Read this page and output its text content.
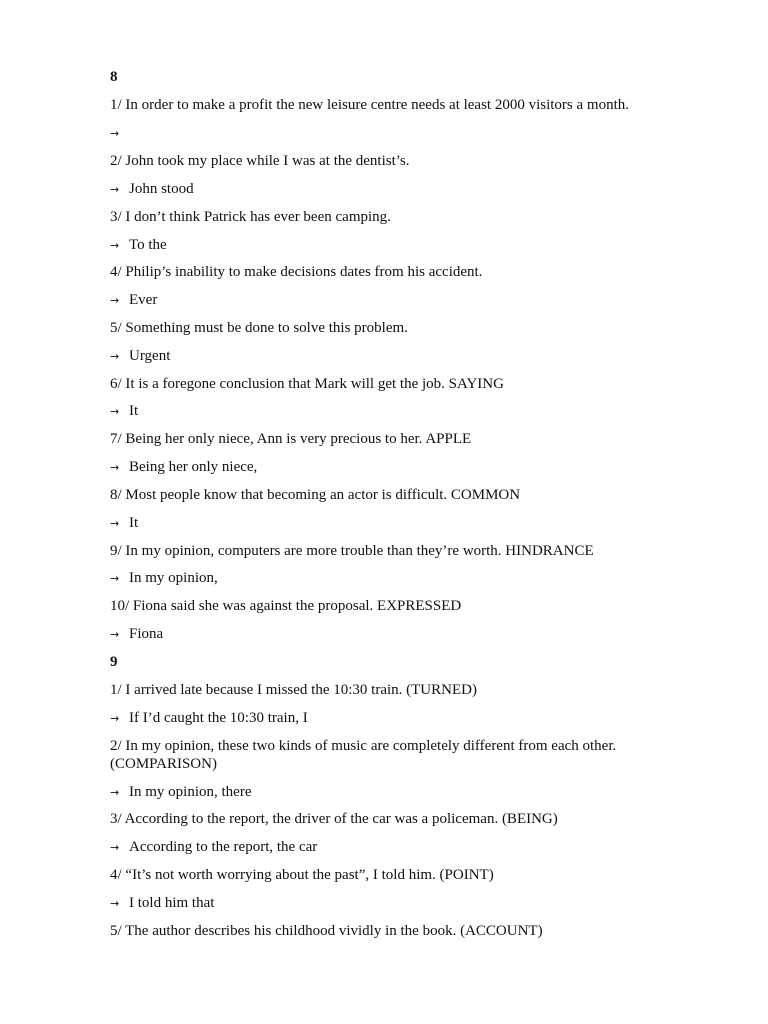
8
1/ In order to make a profit the new leisure centre needs at least 2000 visitors a month.
→
2/ John took my place while I was at the dentist’s.
→ John stood
3/ I don’t think Patrick has ever been camping.
→ To the
4/ Philip’s inability to make decisions dates from his accident.
→ Ever
5/ Something must be done to solve this problem.
→ Urgent
6/ It is a foregone conclusion that Mark will get the job. SAYING
→ It
7/ Being her only niece, Ann is very precious to her. APPLE
→ Being her only niece,
8/ Most people know that becoming an actor is difficult. COMMON
→ It
9/ In my opinion, computers are more trouble than they’re worth. HINDRANCE
→ In my opinion,
10/ Fiona said she was against the proposal. EXPRESSED
→ Fiona
9
1/ I arrived late because I missed the 10:30 train. (TURNED)
→ If I’d caught the 10:30 train, I
2/ In my opinion, these two kinds of music are completely different from each other. (COMPARISON)
→ In my opinion, there
3/ According to the report, the driver of the car was a policeman. (BEING)
→ According to the report, the car
4/ “It’s not worth worrying about the past”, I told him. (POINT)
→ I told him that
5/ The author describes his childhood vividly in the book. (ACCOUNT)
